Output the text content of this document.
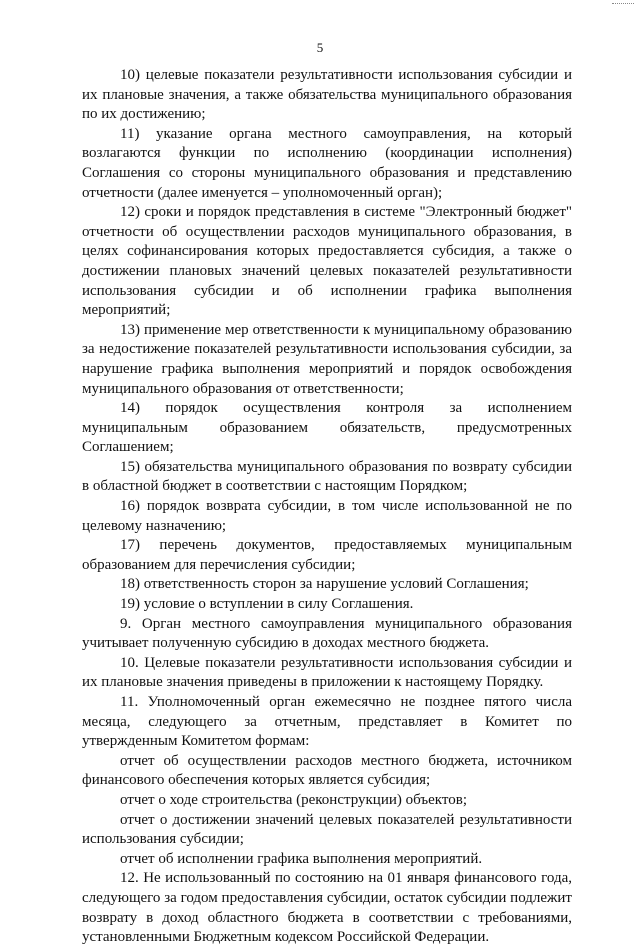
5

10) целевые показатели результативности использования субсидии и их плановые значения, а также обязательства муниципального образования по их достижению;

11) указание органа местного самоуправления, на который возлагаются функции по исполнению (координации исполнения) Соглашения со стороны муниципального образования и представлению отчетности (далее именуется – уполномоченный орган);

12) сроки и порядок представления в системе "Электронный бюджет" отчетности об осуществлении расходов муниципального образования, в целях софинансирования которых предоставляется субсидия, а также о достижении плановых значений целевых показателей результативности использования субсидии и об исполнении графика выполнения мероприятий;

13) применение мер ответственности к муниципальному образованию за недостижение показателей результативности использования субсидии, за нарушение графика выполнения мероприятий и порядок освобождения муниципального образования от ответственности;

14) порядок осуществления контроля за исполнением муниципальным образованием обязательств, предусмотренных Соглашением;

15) обязательства муниципального образования по возврату субсидии в областной бюджет в соответствии с настоящим Порядком;

16) порядок возврата субсидии, в том числе использованной не по целевому назначению;

17) перечень документов, предоставляемых муниципальным образованием для перечисления субсидии;

18) ответственность сторон за нарушение условий Соглашения;

19) условие о вступлении в силу Соглашения.

9. Орган местного самоуправления муниципального образования учитывает полученную субсидию в доходах местного бюджета.

10. Целевые показатели результативности использования субсидии и их плановые значения приведены в приложении к настоящему Порядку.

11. Уполномоченный орган ежемесячно не позднее пятого числа месяца, следующего за отчетным, представляет в Комитет по утвержденным Комитетом формам:

отчет об осуществлении расходов местного бюджета, источником финансового обеспечения которых является субсидия;

отчет о ходе строительства (реконструкции) объектов;

отчет о достижении значений целевых показателей результативности использования субсидии;

отчет об исполнении графика выполнения мероприятий.

12. Не использованный по состоянию на 01 января финансового года, следующего за годом предоставления субсидии, остаток субсидии подлежит возврату в доход областного бюджета в соответствии с требованиями, установленными Бюджетным кодексом Российской Федерации.
